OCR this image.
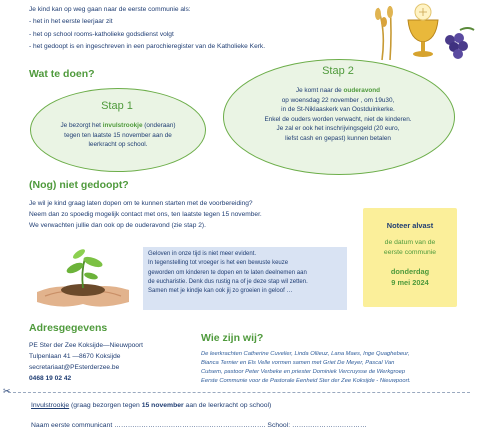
Je kind kan op weg gaan naar de eerste communie als:
- het in het eerste leerjaar zit
- het op school rooms-katholieke godsdienst volgt
- het gedoopt is en ingeschreven in een parochieregister van de Katholieke Kerk.
Wat te doen?
Stap 1
Je bezorgt het invulstrookje (onderaan)
tegen ten laatste 15 november aan de
leerkracht op school.
Stap 2
Je komt naar de ouderavond
op woensdag 22 november , om 19u30,
in de St-Niklaaskerk van Oostduinkerke.
Enkel de ouders worden verwacht, niet de kinderen.
Je zal er ook het inschrijvingsgeld (20 euro,
liefst cash en gepast) kunnen betalen
(Nog) niet gedoopt?
Je wil je kind graag laten dopen om te kunnen starten met de voorbereiding?
Neem dan zo spoedig mogelijk contact met ons, ten laatste tegen 15 november.
We verwachten jullie dan ook op de ouderavond (zie stap 2).	Noteer alvast
de datum van de
eerste communie
donderdag
9 mei 2024
Geloven in onze tijd is niet meer evident.
In tegenstelling tot vroeger is het een bewuste keuze
geworden om kinderen te dopen en te laten deelnemen aan
de eucharistie. Denk dus rustig na of je deze stap wil zetten.
Samen met je kindje kan ook jij zo groeien in geloof …
Adresgegevens
PE Ster der Zee Koksijde—Nieuwpoort
Tulpenlaan 41 —8670 Koksijde
secretariaat@PEsterderzee.be
0468 19 02 42
Wie zijn wij?
De leerkrachten Catherine Cuvelier, Linda Ollieuz, Lana Maes, Inge Quaghebeur,
Bianca Ternier en Els Velle vormen samen met Griet De Meyer, Pascal Van
Cutsem, pastoor Peter Verbeke en priester Dominiek Vercruysse de Werkgroep
Eerste Communie voor de Pastorale Eenheid Ster der Zee Koksijde - Nieuwpoort.
✂
Invulstrookje (graag bezorgen tegen 15 november aan de leerkracht op school)
Naam eerste communicant …………………………………………………………. School: ……………………………
